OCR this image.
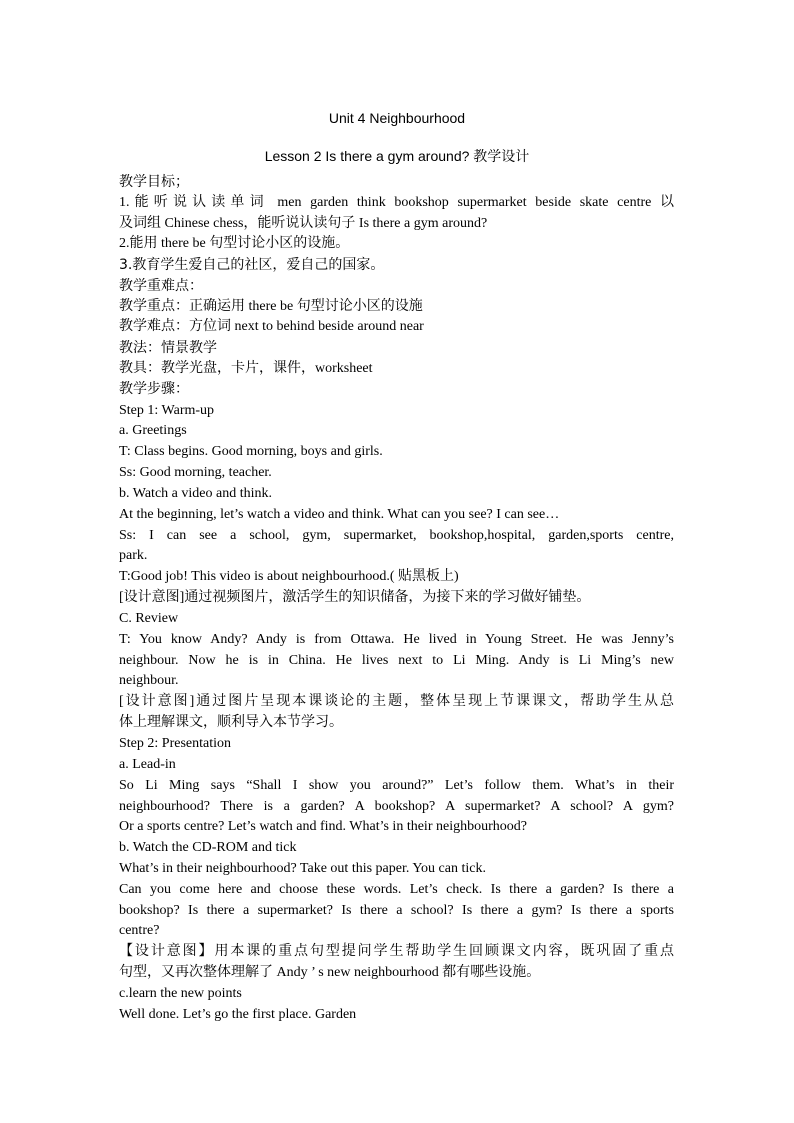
Unit 4 Neighbourhood
Lesson 2 Is there a gym around? 教学设计
教学目标；
1.能听说认读单词 men garden think bookshop supermarket beside skate centre 以
及词组 Chinese chess，能听说认读句子 Is there a gym around?
2.能用 there be 句型讨论小区的设施。
3.教育学生爱自己的社区，爱自己的国家。
教学重难点：
教学重点：正确运用 there be 句型讨论小区的设施
教学难点：方位词 next to behind beside around near
教法：情景教学
教具：教学光盘，卡片，课件，worksheet
教学步骤：
Step 1: Warm-up
a. Greetings
T: Class begins. Good morning, boys and girls.
Ss: Good morning, teacher.
b. Watch a video and think.
At the beginning, let’s watch a video and think. What can you see? I can see…
Ss: I can see a school, gym, supermarket, bookshop,hospital, garden,sports centre,
park.
T:Good job! This video is about neighbourhood.( 贴黑板上)
[设计意图]通过视频图片，激活学生的知识储备，为接下来的学习做好铺垫。
C. Review
T: You know Andy? Andy is from Ottawa. He lived in Young Street. He was Jenny’s
neighbour. Now he is in China. He lives next to Li Ming. Andy is Li Ming’s new
neighbour.
[设计意图]通过图片呈现本课谈论的主题，整体呈现上节课课文，帮助学生从总
体上理解课文，顺利导入本节学习。
Step 2: Presentation
a. Lead-in
So Li Ming says “Shall I show you around?” Let’s follow them. What’s in their
neighbourhood? There is a garden? A bookshop? A supermarket? A school? A gym?
Or a sports centre? Let’s watch and find. What’s in their neighbourhood?
b. Watch the CD-ROM and tick
What’s in their neighbourhood? Take out this paper. You can tick.
Can you come here and choose these words. Let’s check. Is there a garden? Is there a
bookshop? Is there a supermarket? Is there a school? Is there a gym? Is there a sports
centre?
【设计意图】用本课的重点句型提问学生帮助学生回顾课文内容，既巩固了重点
句型，又再次整体理解了 Andy ’ s new neighbourhood 都有哪些设施。
c.learn the new points
Well done. Let’s go the first place. Garden
